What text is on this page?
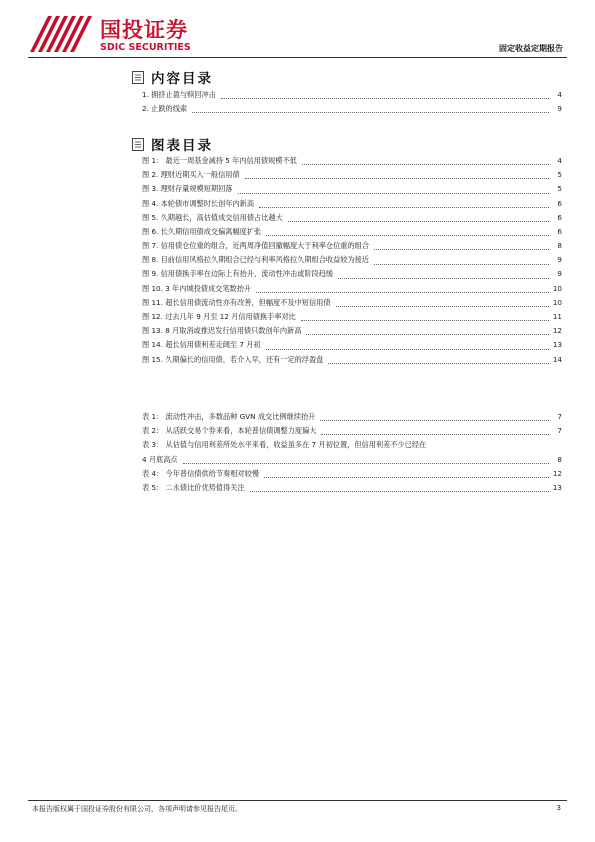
国投证券
SDIC SECURITIES	固定收益定期报告
内容目录
1. 拥挤止盈与赎回冲击	4
2. 止跌的线索	9
图表目录
图 1： 最近一周基金减持 5 年内信用债规模不低	4
图 2. 理财近期买入一般信用债	5
图 3. 理财存量规模短期回落	5
图 4. 本轮债市调整时长创年内新高	6
图 5. 久期越长，高估值成交信用债占比越大	6
图 6. 长久期信用债成交偏离幅度扩张	6
图 7. 信用债仓位重的组合，近两周净值回撤幅度大于利率仓位重的组合	8
图 8. 目前信用风格拉久期组合已经与利率风格拉久期组合收益较为接近	9
图 9. 信用债换手率在边际上有抬升，流动性冲击或阶段趋缓	9
图 10. 3 年内城投债成交笔数抬升	10
图 11. 超长信用债流动性亦有改善，但幅度不及中短信用债	10
图 12. 过去几年 9 月至 12 月信用债换手率对比	11
图 13. 8 月取消或推迟发行信用债只数创年内新高	12
图 14. 超长信用债利差走阔至 7 月初	13
图 15. 久期偏长的信用债，若介入早，还有一定的浮盈盘	14
表 1： 流动性冲击，多数品种 GVN 成交比例继续抬升	7
表 2： 从活跃交易个券来看，本轮普信债调整力度偏大	7
表 3： 从估值与信用利差所处水平来看，收益虽多在 7 月初位置，但信用利差不少已经在
4 月底高点	8
表 4： 今年普信债供给节奏相对较慢	12
表 5： 二永债比价优势值得关注	13
本报告版权属于国投证券股份有限公司，各项声明请参见报告尾页。	3
